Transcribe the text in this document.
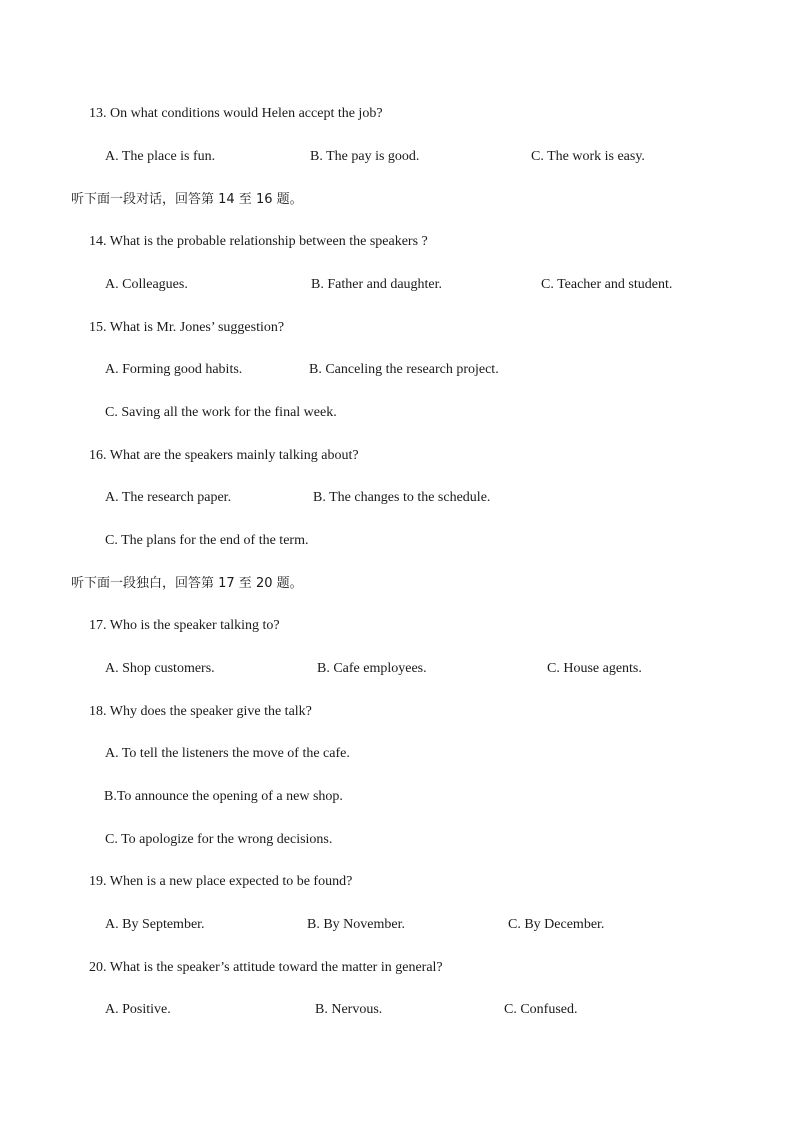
13. On what conditions would Helen accept the job?
A. The place is fun.	B. The pay is good.	C. The work is easy.
听下面一段对话，回答第 14 至 16 题。
14. What is the probable relationship between the speakers ?
A. Colleagues.	B. Father and daughter.	C. Teacher and student.
15. What is Mr. Jones’ suggestion?
A. Forming good habits.	B. Canceling the research project.
C. Saving all the work for the final week.
16. What are the speakers mainly talking about?
A. The research paper.	B. The changes to the schedule.
C. The plans for the end of the term.
听下面一段独白，回答第 17 至 20 题。
17. Who is the speaker talking to?
A. Shop customers.	B. Cafe employees.	C. House agents.
18. Why does the speaker give the talk?
A. To tell the listeners the move of the cafe.
B.To announce the opening of a new shop.
C. To apologize for the wrong decisions.
19. When is a new place expected to be found?
A. By September.	B. By November.	C. By December.
20. What is the speaker’s attitude toward the matter in general?
A. Positive.	B. Nervous.	C. Confused.
